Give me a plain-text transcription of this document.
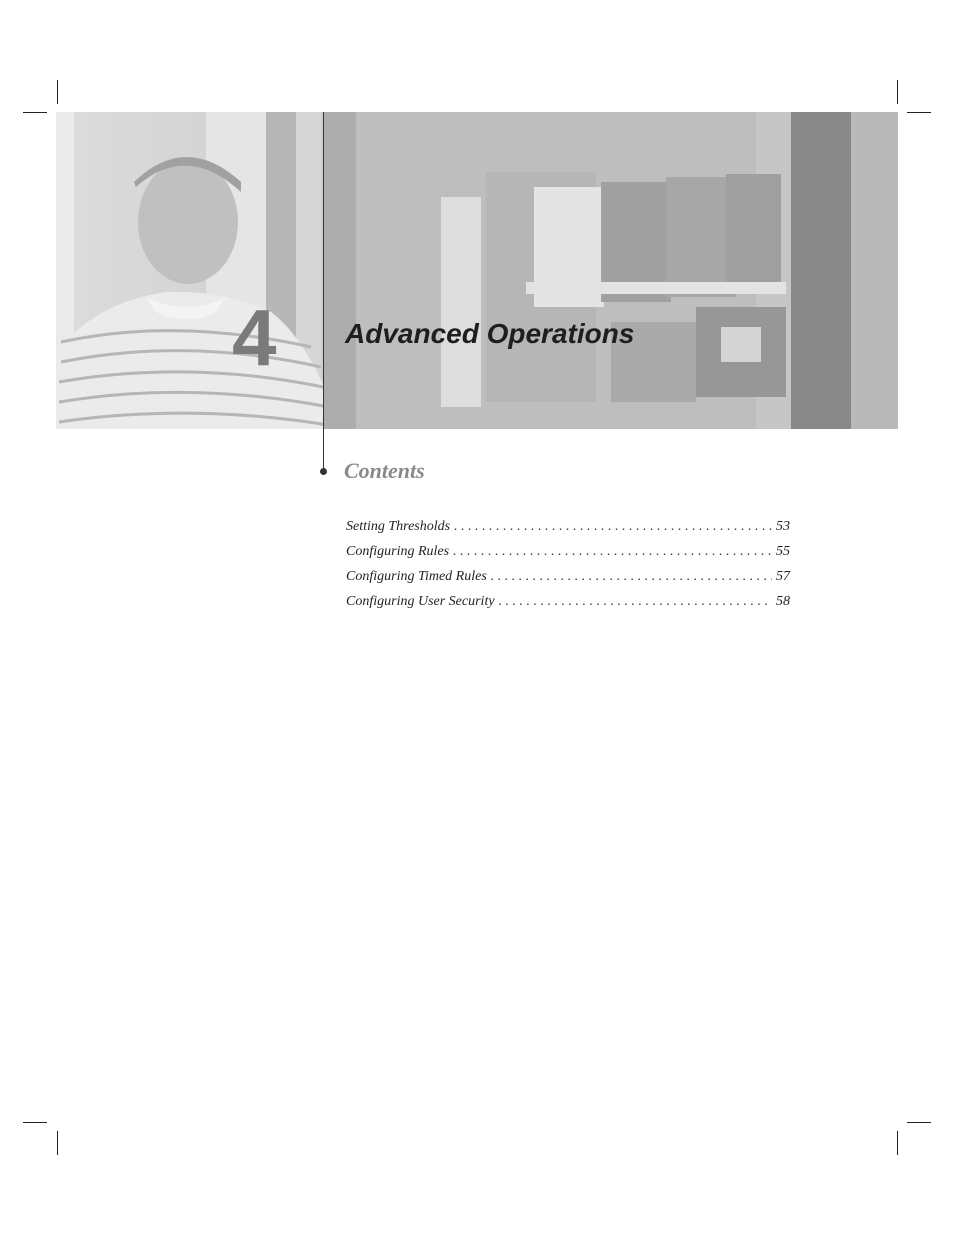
4 Advanced Operations
Contents
Setting Thresholds . . .	53
Configuring Rules . . .	55
Configuring Timed Rules . . .	57
Configuring User Security . . .	58
